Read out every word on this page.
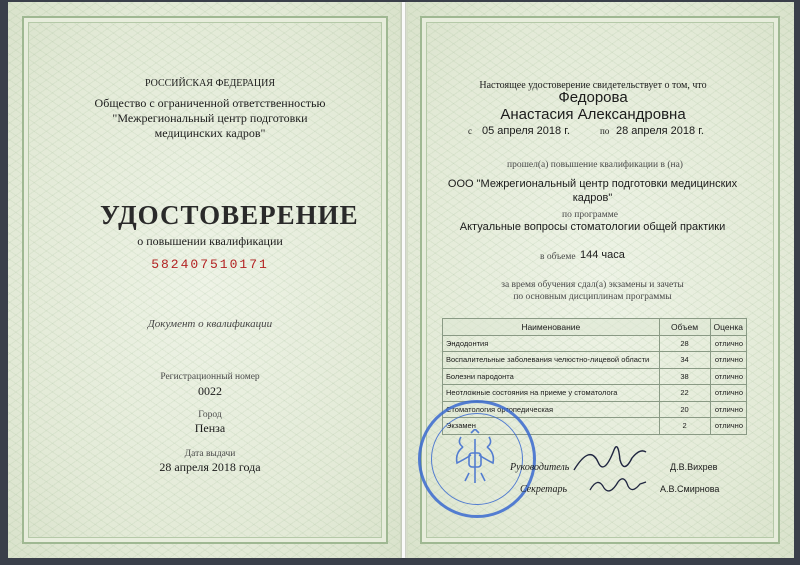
РОССИЙСКАЯ ФЕДЕРАЦИЯ
Общество с ограниченной ответственностью
"Межрегиональный центр подготовки
медицинских кадров"
УДОСТОВЕРЕНИЕ
о повышении квалификации
582407510171
Документ о квалификации
Регистрационный номер
0022
Город
Пенза
Дата выдачи
28 апреля 2018 года
Настоящее удостоверение свидетельствует о том, что
Федорова
Анастасия Александровна
с 05 апреля 2018 г.	по 28 апреля 2018 г.
прошел(а) повышение квалификации в (на)
ООО "Межрегиональный центр подготовки медицинских
кадров"
по программе
Актуальные вопросы стоматологии общей практики
в объеме 144 часа
за время обучения сдал(а) экзамены и зачеты
по основным дисциплинам программы
Наименование	Объем	Оценка
Эндодонтия	28	отлично
Воспалительные заболевания челюстно-лицевой области	34	отлично
Болезни пародонта	38	отлично
Неотложные состояния на приеме у стоматолога	22	отлично
Стоматология ортопедическая	20	отлично
Экзамен	2	отлично
Руководитель	Д.В.Вихрев
Секретарь	А.В.Смирнова
